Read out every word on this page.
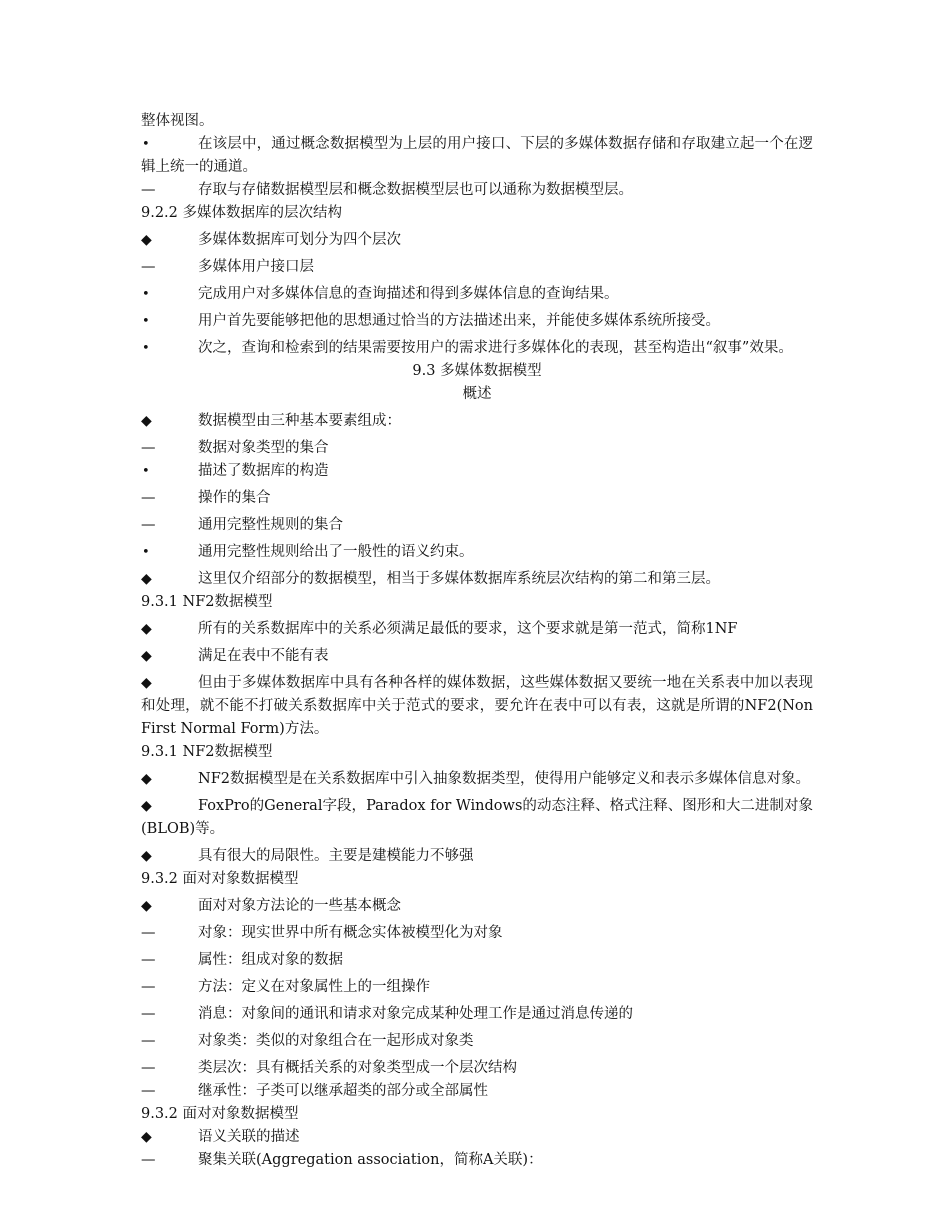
整体视图。
•	在该层中，通过概念数据模型为上层的用户接口、下层的多媒体数据存储和存取建立起一个在逻辑上统一的通道。
—	存取与存储数据模型层和概念数据模型层也可以通称为数据模型层。
9.2.2 多媒体数据库的层次结构
◆	多媒体数据库可划分为四个层次
—	多媒体用户接口层
•	完成用户对多媒体信息的查询描述和得到多媒体信息的查询结果。
•	用户首先要能够把他的思想通过恰当的方法描述出来，并能使多媒体系统所接受。
•	次之，查询和检索到的结果需要按用户的需求进行多媒体化的表现，甚至构造出“叙事”效果。
9.3 多媒体数据模型
概述
◆	数据模型由三种基本要素组成：
—	数据对象类型的集合
•	描述了数据库的构造
—	操作的集合
—	通用完整性规则的集合
•	通用完整性规则给出了一般性的语义约束。
◆	这里仅介绍部分的数据模型，相当于多媒体数据库系统层次结构的第二和第三层。
9.3.1 NF2数据模型
◆	所有的关系数据库中的关系必须满足最低的要求，这个要求就是第一范式，简称1NF
◆	满足在表中不能有表
◆	但由于多媒体数据库中具有各种各样的媒体数据，这些媒体数据又要统一地在关系表中加以表现和处理，就不能不打破关系数据库中关于范式的要求，要允许在表中可以有表，这就是所谓的NF2(Non First Normal Form)方法。
9.3.1 NF2数据模型
◆	NF2数据模型是在关系数据库中引入抽象数据类型，使得用户能够定义和表示多媒体信息对象。
◆	FoxPro的General字段，Paradox for Windows的动态注释、格式注释、图形和大二进制对象(BLOB)等。
◆	具有很大的局限性。主要是建模能力不够强
9.3.2 面对对象数据模型
◆	面对对象方法论的一些基本概念
—	对象：现实世界中所有概念实体被模型化为对象
—	属性：组成对象的数据
—	方法：定义在对象属性上的一组操作
—	消息：对象间的通讯和请求对象完成某种处理工作是通过消息传递的
—	对象类：类似的对象组合在一起形成对象类
—	类层次：具有概括关系的对象类型成一个层次结构
—	继承性：子类可以继承超类的部分或全部属性
9.3.2 面对对象数据模型
◆	语义关联的描述
—	聚集关联(Aggregation association，简称A关联)：
